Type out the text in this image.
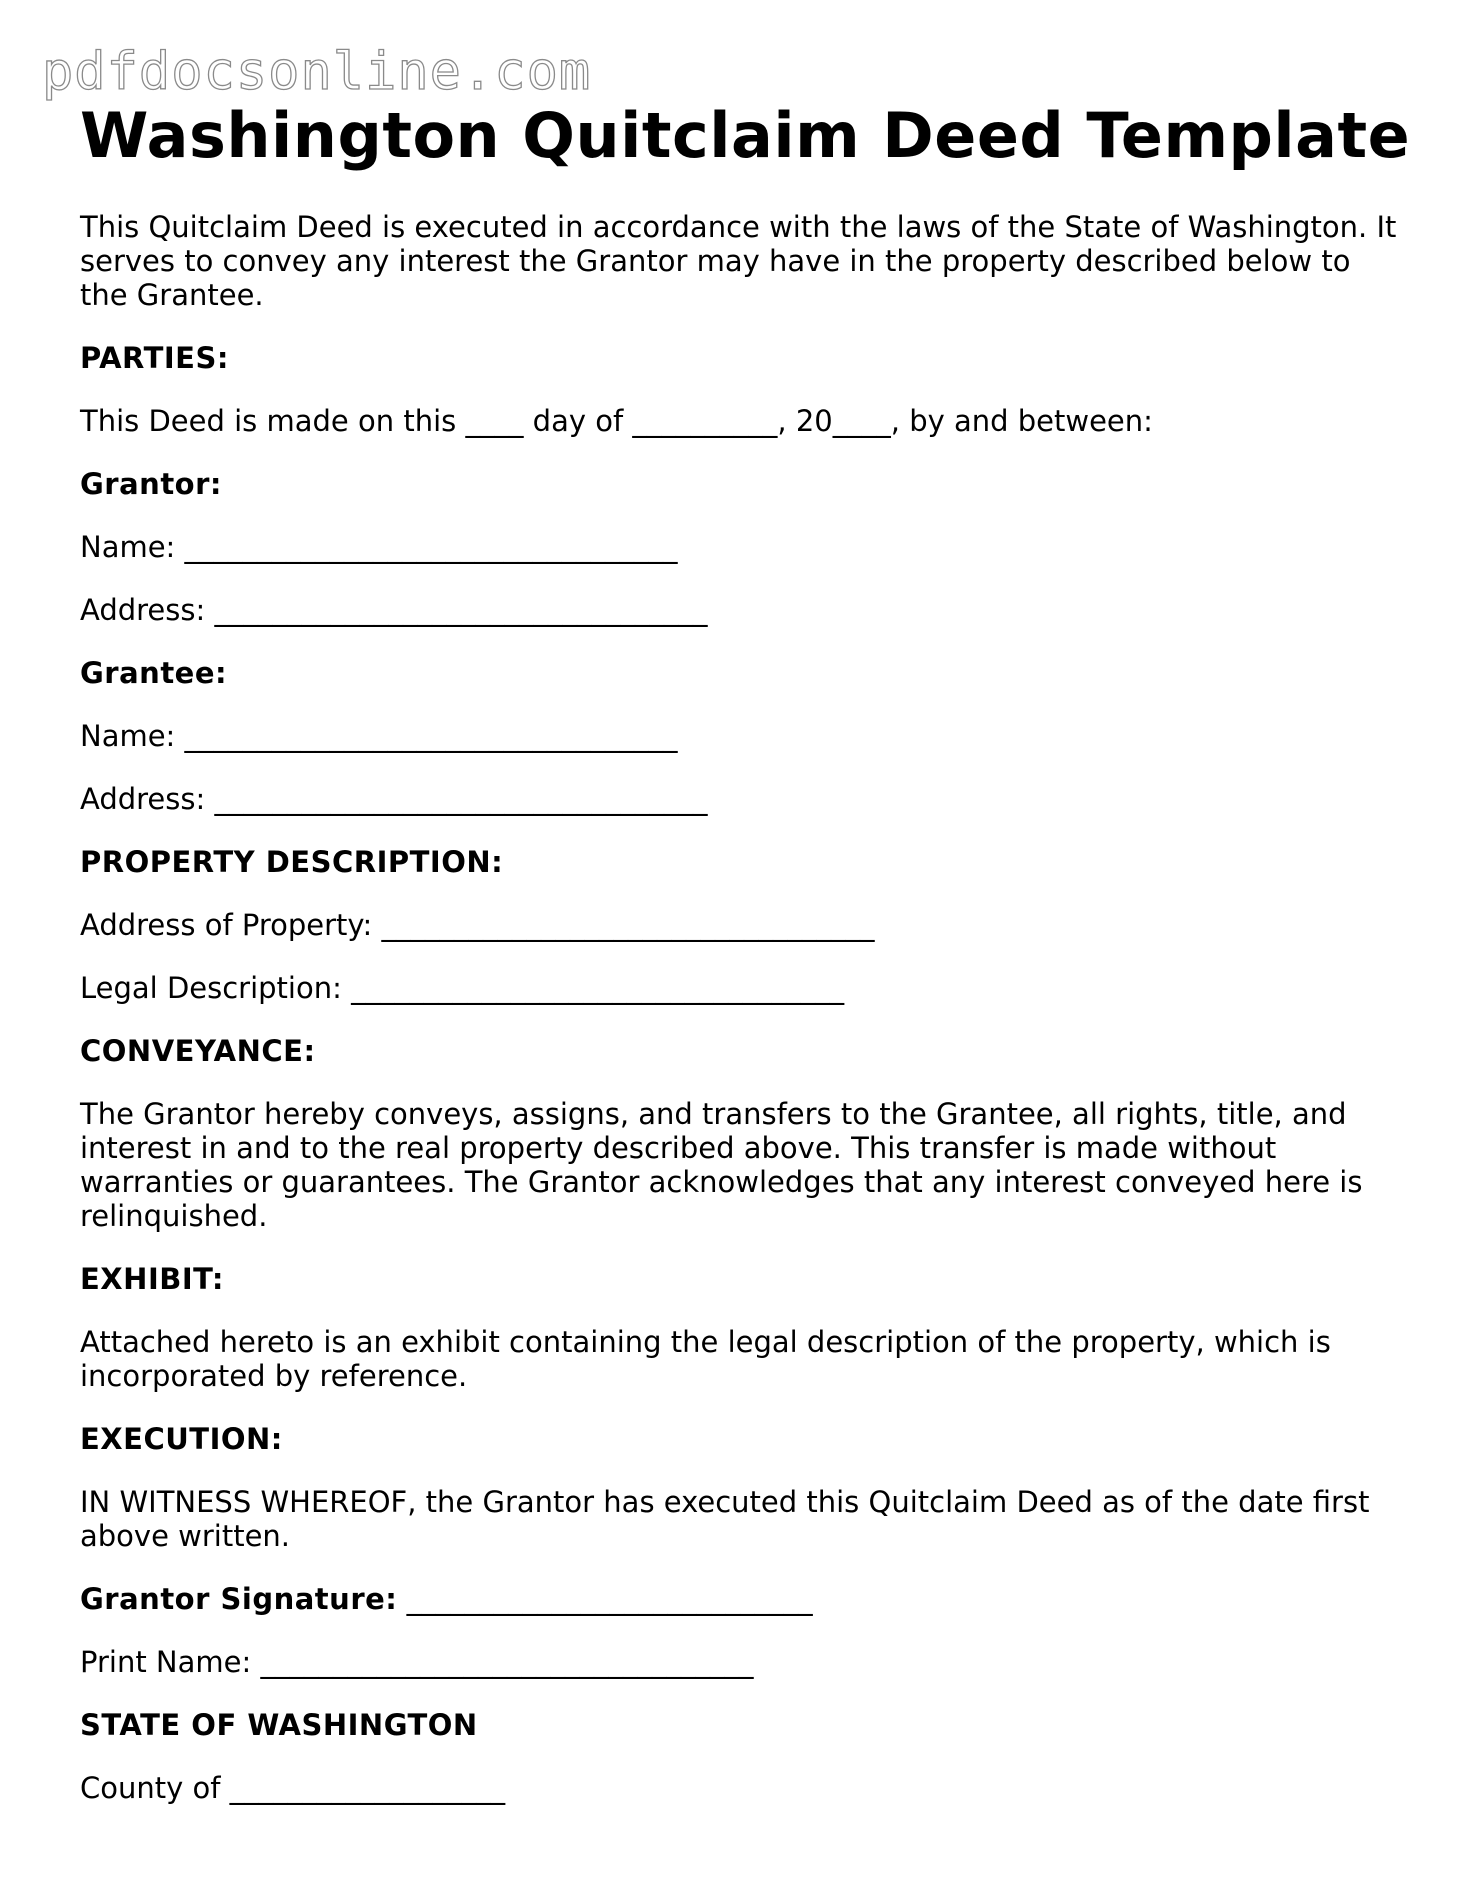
pdfdocsonline.com
Washington Quitclaim Deed Template

This Quitclaim Deed is executed in accordance with the laws of the State of Washington. It serves to convey any interest the Grantor may have in the property described below to the Grantee.

PARTIES:

This Deed is made on this ____ day of __________, 20____, by and between:

Grantor:

Name: __________________________________

Address: __________________________________

Grantee:

Name: __________________________________

Address: __________________________________

PROPERTY DESCRIPTION:

Address of Property: __________________________________

Legal Description: __________________________________

CONVEYANCE:

The Grantor hereby conveys, assigns, and transfers to the Grantee, all rights, title, and interest in and to the real property described above. This transfer is made without warranties or guarantees. The Grantor acknowledges that any interest conveyed here is relinquished.

EXHIBIT:

Attached hereto is an exhibit containing the legal description of the property, which is incorporated by reference.

EXECUTION:

IN WITNESS WHEREOF, the Grantor has executed this Quitclaim Deed as of the date first above written.

Grantor Signature: ____________________________

Print Name: __________________________________

STATE OF WASHINGTON

County of ___________________
